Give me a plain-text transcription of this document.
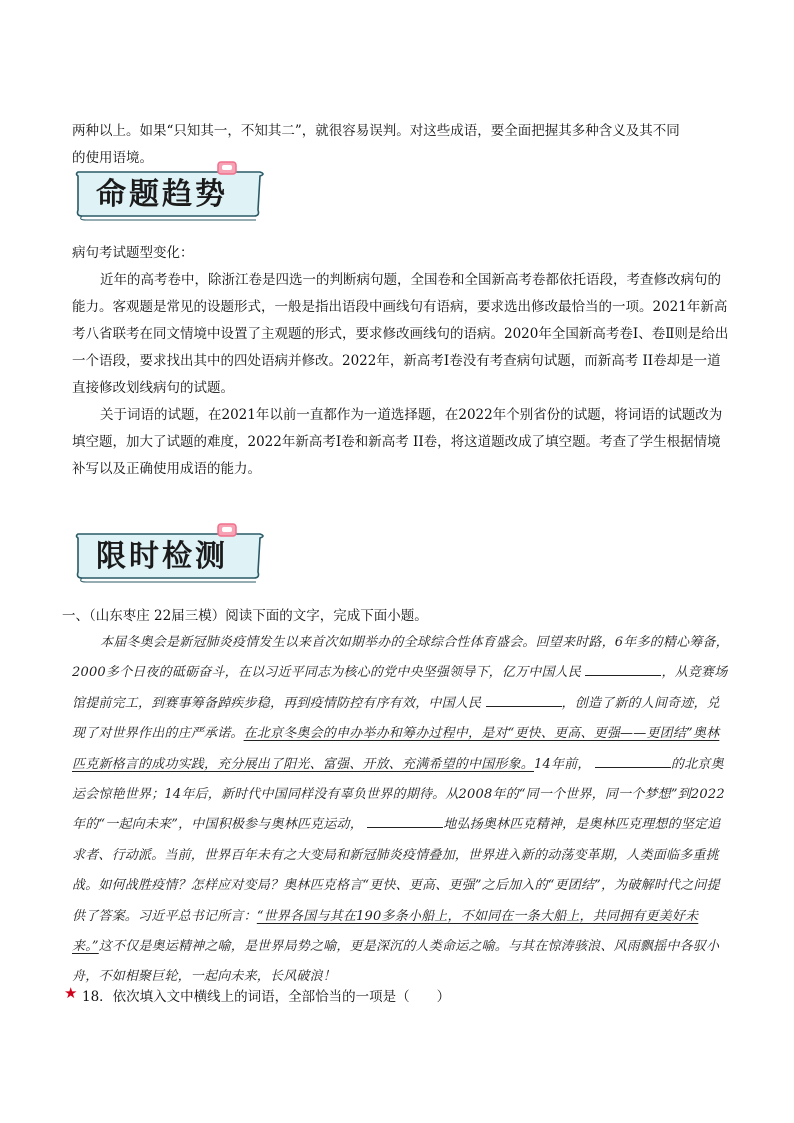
两种以上。如果“只知其一，不知其二”，就很容易误判。对这些成语，要全面把握其多种含义及其不同
的使用语境。
命题趋势
病句考试题型变化：
近年的高考卷中，除浙江卷是四选一的判断病句题，全国卷和全国新高考卷都依托语段，考查修改病句的能力。客观题是常见的设题形式，一般是指出语段中画线句有语病，要求选出修改最恰当的一项。2021年新高考八省联考在同文情境中设置了主观题的形式，要求修改画线句的语病。2020年全国新高考卷Ⅰ、卷Ⅱ则是给出一个语段，要求找出其中的四处语病并修改。2022年，新高考Ⅰ卷没有考查病句试题，而新高考 II卷却是一道直接修改划线病句的试题。
关于词语的试题，在2021年以前一直都作为一道选择题，在2022年个别省份的试题，将词语的试题改为填空题，加大了试题的难度，2022年新高考Ⅰ卷和新高考 II卷，将这道题改成了填空题。考查了学生根据情境补写以及正确使用成语的能力。
限时检测
一、（山东枣庄 22届三模）阅读下面的文字，完成下面小题。
本届冬奥会是新冠肺炎疫情发生以来首次如期举办的全球综合性体育盛会。回望来时路，6年多的精心筹备，2000多个日夜的砥砺奋斗，在以习近平同志为核心的党中央坚强领导下，亿万中国人民	，从竞赛场馆提前完工，到赛事筹备踔疾步稳，再到疫情防控有序有效，中国人民	，创造了新的人间奇迹，兑现了对世界作出的庄严承诺。在北京冬奥会的申办举办和筹办过程中，是对“更快、更高、更强——更团结”奥林匹克新格言的成功实践，充分展出了阳光、富强、开放、充满希望的中国形象。14年前，	的北京奥运会惊艳世界；14年后，新时代中国同样没有辜负世界的期待。从2008年的“同一个世界，同一个梦想”到2022年的“一起向未来”，中国积极参与奥林匹克运动，	地弘扬奥林匹克精神，是奥林匹克理想的坚定追求者、行动派。当前，世界百年未有之大变局和新冠肺炎疫情叠加，世界进入新的动荡变革期，人类面临多重挑战。如何战胜疫情？怎样应对变局？奥林匹克格言“更快、更高、更强”之后加入的“更团结”，为破解时代之问提供了答案。习近平总书记所言：“世界各国与其在190多条小船上，不如同在一条大船上，共同拥有更美好未来。”这不仅是奥运精神之喻，是世界局势之喻，更是深沉的人类命运之喻。与其在惊涛骇浪、风雨飘摇中各驭小舟，不如相聚巨轮，一起向未来，长风破浪！
★ 18．依次填入文中横线上的词语，全部恰当的一项是（　　）
